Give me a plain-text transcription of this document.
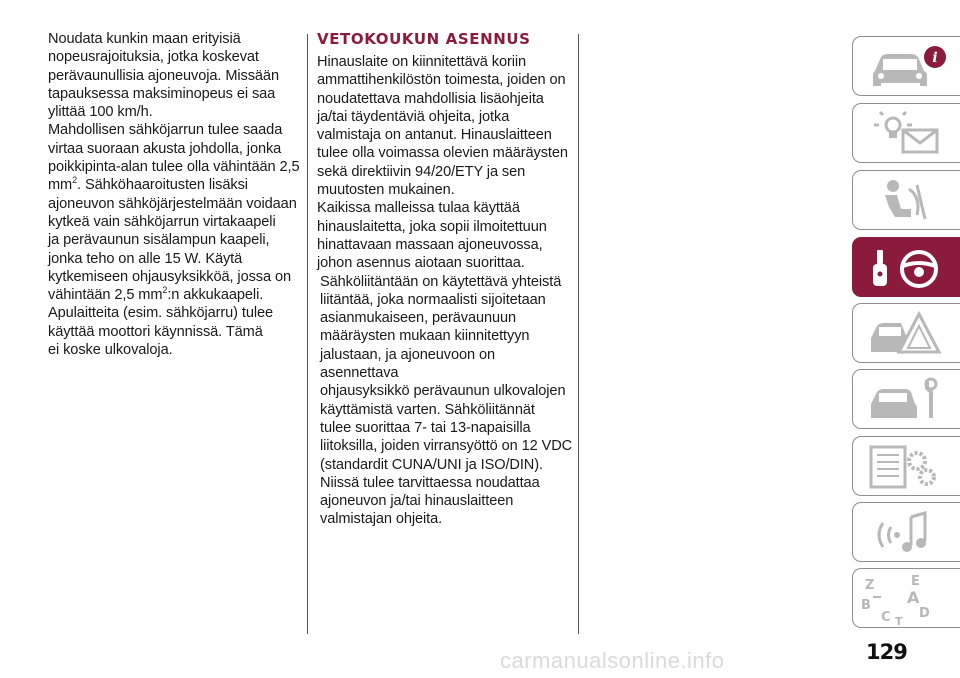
Noudata kunkin maan erityisiä
nopeusrajoituksia, jotka koskevat
perävaunullisia ajoneuvoja. Missään
tapauksessa maksiminopeus ei saa
ylittää 100 km/h.

Mahdollisen sähköjarrun tulee saada
virtaa suoraan akusta johdolla, jonka
poikkipinta-alan tulee olla vähintään 2,5
$mm^2$. Sähköhaaroitusten lisäksi
ajoneuvon sähköjärjestelmään voidaan
kytkeä vain sähköjarrun virtakaapeli
ja perävaunun sisälampun kaapeli,
jonka teho on alle 15 W. Käytä
kytkemiseen ohjausyksikköä, jossa on
vähintään 2,5 $mm^2:n$ akkukaapeli.
Apulaitteita (esim. sähköjarru) tulee
käyttää moottori käynnissä. Tämä
ei koske ulkovaloja.

VETOKOUKUN ASENNUS

Hinauslaite on kiinnitettävä koriin
ammattihenkilöstön toimesta, joiden on
noudatettava mahdollisia lisäohjeita
ja/tai täydentäviä ohjeita, jotka
valmistaja on antanut. Hinauslaitteen
tulee olla voimassa olevien määräysten
sekä direktiivin 94/20/ETY ja sen
muutosten mukainen.

Kaikissa malleissa tulaa käyttää
hinauslaitetta, joka sopii ilmoitettuun
hinattavaan massaan ajoneuvossa,
johon asennus aiotaan suorittaa.

Sähköliitäntään on käytettävä yhteistä
liitäntää, joka normaalisti sijoitetaan
asianmukaiseen, perävaunuun
määräysten mukaan kiinnitettyyn
jalustaan, ja ajoneuvoon on asennettava
ohjausyksikkö perävaunun ulkovalojen
käyttämistä varten. Sähköliitännät
tulee suorittaa 7- tai 13-napaisilla
liitoksilla, joiden virransyöttö on 12 VDC
(standardit CUNA/UNI ja ISO/DIN).
Niissä tulee tarvittaessa noudattaa
ajoneuvon ja/tai hinauslaitteen
valmistajan ohjeita.

i
Z	E
B A
C T
D
carmanualsonline.info	129
